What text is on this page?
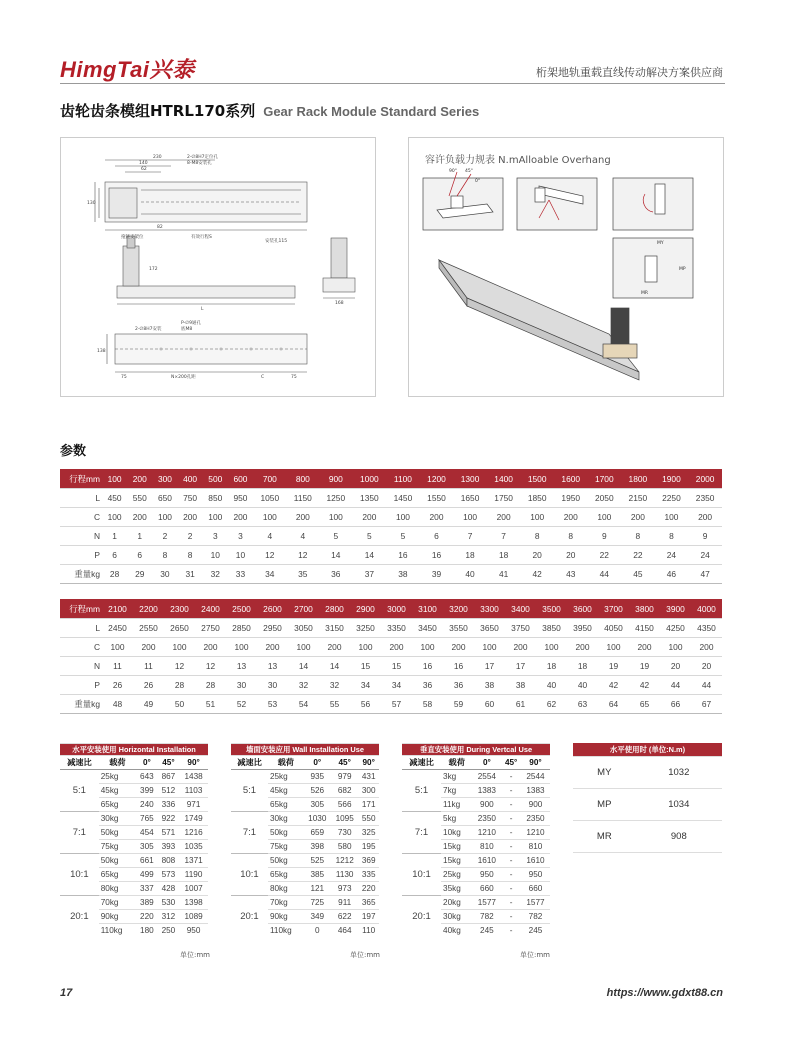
HimgTai兴泰	桁架地轨重载直线传动解决方案供应商
齿轮齿条模组HTRL170系列 Gear Rack Module Standard Series
230
140
62
130
82
2-∅8H7定位孔
8-M8安装孔
有效行程S
拖链支架位
安装孔115
L
172
168
138
75	N×200孔距	C	75
2-∅8H7安装
P-∅9通孔
底M8
90° 45°
0°
MY
MP
MR
容许负载力规表 N.mAlloable Overhang
参数
行程mm	100	200	300	400	500	600	700	800	900	1000	1100	1200	1300	1400	1500	1600	1700	1800	1900	2000
L	450	550	650	750	850	950	1050	1150	1250	1350	1450	1550	1650	1750	1850	1950	2050	2150	2250	2350
C	100	200	100	200	100	200	100	200	100	200	100	200	100	200	100	200	100	200	100	200
N	1	1	2	2	3	3	4	4	5	5	5	6	7	7	8	8	9	8	8	9
P	6	6	8	8	10	10	12	12	14	14	16	16	18	18	20	20	22	22	24	24
重量kg	28	29	30	31	32	33	34	35	36	37	38	39	40	41	42	43	44	45	46	47
行程mm	2100	2200	2300	2400	2500	2600	2700	2800	2900	3000	3100	3200	3300	3400	3500	3600	3700	3800	3900	4000
L	2450	2550	2650	2750	2850	2950	3050	3150	3250	3350	3450	3550	3650	3750	3850	3950	4050	4150	4250	4350
C	100	200	100	200	100	200	100	200	100	200	100	200	100	200	100	200	100	200	100	200
N	11	11	12	12	13	13	14	14	15	15	16	16	17	17	18	18	19	19	20	20
P	26	26	28	28	30	30	32	32	34	34	36	36	38	38	40	40	42	42	44	44
重量kg	48	49	50	51	52	53	54	55	56	57	58	59	60	61	62	63	64	65	66	67
水平安装使用 Horizontal Installation				
减速比	载荷	0°	45°	90°
5:1	25kg	643	867	1438
	45kg	399	512	1103
	65kg	240	336	971
7:1	30kg	765	922	1749
	50kg	454	571	1216
	75kg	305	393	1035
10:1	50kg	661	808	1371
	65kg	499	573	1190
	80kg	337	428	1007
20:1	70kg	389	530	1398
	90kg	220	312	1089
	110kg	180	250	950
墙面安装应用 Wall Installation Use				
减速比	载荷	0°	45°	90°
5:1	25kg	935	979	431
	45kg	526	682	300
	65kg	305	566	171
7:1	30kg	1030	1095	550
	50kg	659	730	325
	75kg	398	580	195
10:1	50kg	525	1212	369
	65kg	385	1130	335
	80kg	121	973	220
20:1	70kg	725	911	365
	90kg	349	622	197
	110kg	0	464	110
垂直安装使用 During Vertcal Use				
减速比	载荷	0°	45°	90°
5:1	3kg	2554	-	2544
	7kg	1383	-	1383
	11kg	900	-	900
7:1	5kg	2350	-	2350
	10kg	1210	-	1210
	15kg	810	-	810
10:1	15kg	1610	-	1610
	25kg	950	-	950
	35kg	660	-	660
20:1	20kg	1577	-	1577
	30kg	782	-	782
	40kg	245	-	245
单位:mm	单位:mm	单位:mm
水平使用时 (单位:N.m)	
MY	1032
MP	1034
MR	908
17	https://www.gdxt88.cn
